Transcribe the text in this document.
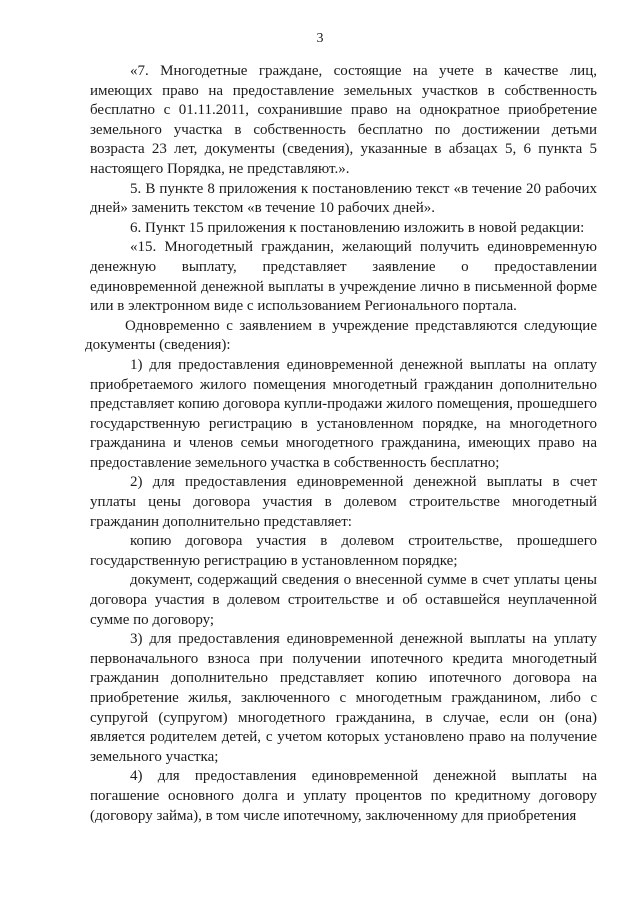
3

«7. Многодетные граждане, состоящие на учете в качестве лиц, имеющих право на предоставление земельных участков в собственность бесплатно с 01.11.2011, сохранившие право на однократное приобретение земельного участка в собственность бесплатно по достижении детьми возраста 23 лет, документы (сведения), указанные в абзацах 5, 6 пункта 5 настоящего Порядка, не представляют.».

5. В пункте 8 приложения к постановлению текст «в течение 20 рабочих дней» заменить текстом «в течение 10 рабочих дней».

6. Пункт 15 приложения к постановлению изложить в новой редакции:

«15. Многодетный гражданин, желающий получить единовременную денежную выплату, представляет заявление о предоставлении единовременной денежной выплаты в учреждение лично в письменной форме или в электронном виде с использованием Регионального портала.

Одновременно с заявлением в учреждение представляются следующие документы (сведения):

1) для предоставления единовременной денежной выплаты на оплату приобретаемого жилого помещения многодетный гражданин дополнительно представляет копию договора купли-продажи жилого помещения, прошедшего государственную регистрацию в установленном порядке, на многодетного гражданина и членов семьи многодетного гражданина, имеющих право на предоставление земельного участка в собственность бесплатно;

2) для предоставления единовременной денежной выплаты в счет уплаты цены договора участия в долевом строительстве многодетный гражданин дополнительно представляет:

копию договора участия в долевом строительстве, прошедшего государственную регистрацию в установленном порядке;

документ, содержащий сведения о внесенной сумме в счет уплаты цены договора участия в долевом строительстве и об оставшейся неуплаченной сумме по договору;

3) для предоставления единовременной денежной выплаты на уплату первоначального взноса при получении ипотечного кредита многодетный гражданин дополнительно представляет копию ипотечного договора на приобретение жилья, заключенного с многодетным гражданином, либо с супругой (супругом) многодетного гражданина, в случае, если он (она) является родителем детей, с учетом которых установлено право на получение земельного участка;

4) для предоставления единовременной денежной выплаты на погашение основного долга и уплату процентов по кредитному договору (договору займа), в том числе ипотечному, заключенному для приобретения
